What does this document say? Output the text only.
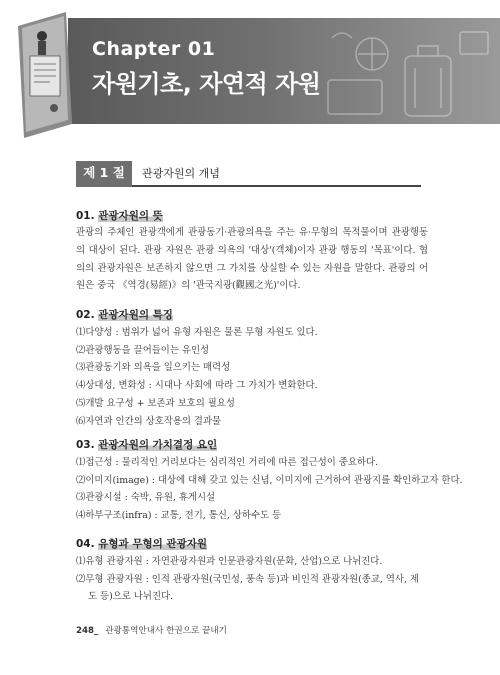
Chapter 01
자원기초, 자연적 자원
제 1 절	관광자원의 개념
01. 관광자원의 뜻

관광의 주체인 관광객에게 관광동기·관광의욕을 주는 유·무형의 목적물이며 관광행동의 대상이 된다. 관광 자원은 관광 의욕의 '대상'(객체)이자 관광 행동의 '목표'이다. 협의의 관광자원은 보존하지 않으면 그 가치를 상실할 수 있는 자원을 말한다. 관광의 어원은 중국 《역경(易經)》의 '관국지광(觀國之光)'이다.

02. 관광자원의 특징
⑴다양성 : 범위가 넓어 유형 자원은 물론 무형 자원도 있다.
⑵관광행동을 끌어들이는 유인성
⑶관광동기와 의욕을 일으키는 매력성
⑷상대성, 변화성 : 시대나 사회에 따라 그 가치가 변화한다.
⑸개발 요구성 + 보존과 보호의 필요성
⑹자연과 인간의 상호작용의 결과물
03. 관광자원의 가치결정 요인
⑴접근성 : 물리적인 거리보다는 심리적인 거리에 따른 접근성이 중요하다.
⑵이미지(image) : 대상에 대해 갖고 있는 신념, 이미지에 근거하여 관광지를 확인하고자 한다.
⑶관광시설 : 숙박, 유원, 휴게시설
⑷하부구조(infra) : 교통, 전기, 통신, 상하수도 등
04. 유형과 무형의 관광자원
⑴유형 관광자원 : 자연관광자원과 인문관광자원(문화, 산업)으로 나뉘진다.
⑵무형 관광자원 : 인적 관광자원(국민성, 풍속 등)과 비인적 관광자원(종교, 역사, 제도 등)으로 나뉘진다.
248_ 관광통역안내사 한권으로 끝내기
